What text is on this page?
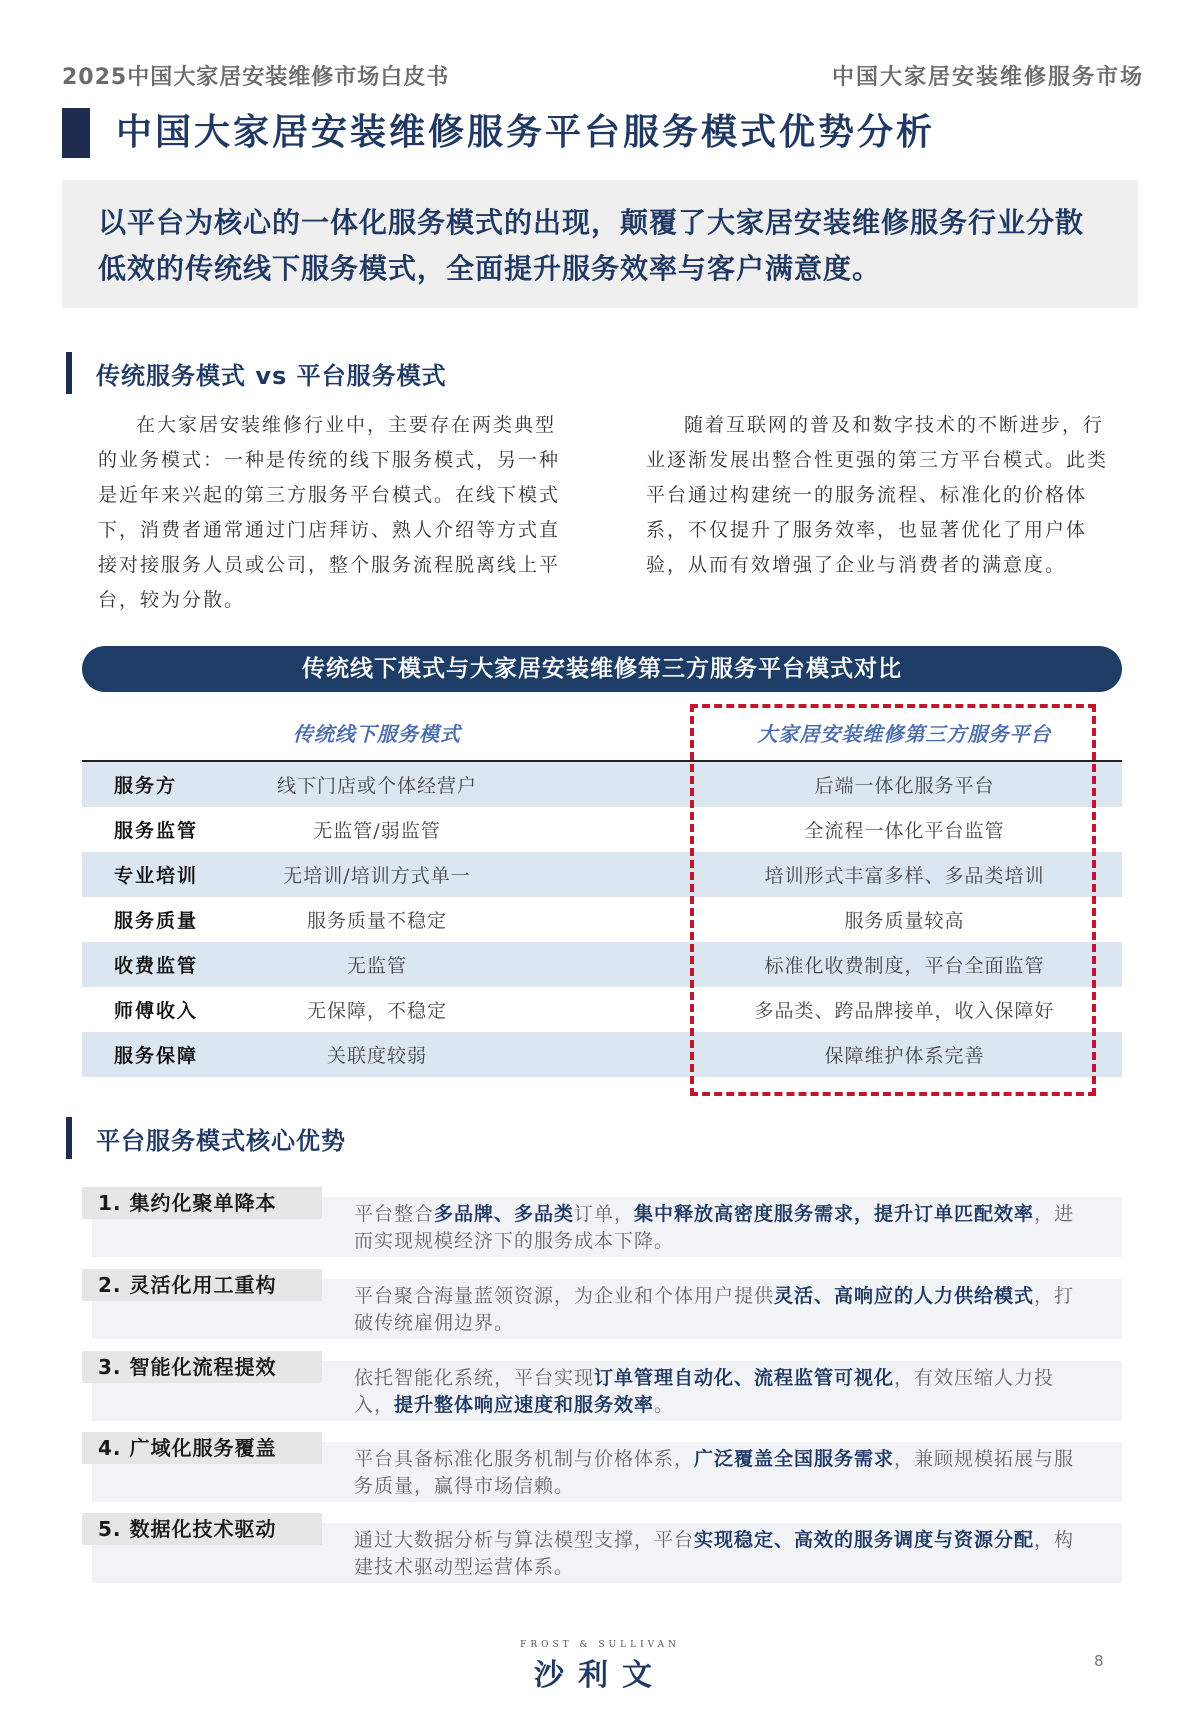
2025中国大家居安装维修市场白皮书	中国大家居安装维修服务市场
中国大家居安装维修服务平台服务模式优势分析
以平台为核心的一体化服务模式的出现，颠覆了大家居安装维修服务行业分散低效的传统线下服务模式，全面提升服务效率与客户满意度。
传统服务模式 vs 平台服务模式
在大家居安装维修行业中，主要存在两类典型的业务模式：一种是传统的线下服务模式，另一种是近年来兴起的第三方服务平台模式。在线下模式下，消费者通常通过门店拜访、熟人介绍等方式直接对接服务人员或公司，整个服务流程脱离线上平台，较为分散。
随着互联网的普及和数字技术的不断进步，行业逐渐发展出整合性更强的第三方平台模式。此类平台通过构建统一的服务流程、标准化的价格体系，不仅提升了服务效率，也显著优化了用户体验，从而有效增强了企业与消费者的满意度。
传统线下模式与大家居安装维修第三方服务平台模式对比
传统线下服务模式	大家居安装维修第三方服务平台
服务方	线下门店或个体经营户	后端一体化服务平台
服务监管	无监管/弱监管	全流程一体化平台监管
专业培训	无培训/培训方式单一	培训形式丰富多样、多品类培训
服务质量	服务质量不稳定	服务质量较高
收费监管	无监管	标准化收费制度，平台全面监管
师傅收入	无保障，不稳定	多品类、跨品牌接单，收入保障好
服务保障	关联度较弱	保障维护体系完善
平台服务模式核心优势
平台整合多品牌、多品类订单，集中释放高密度服务需求，提升订单匹配效率，进而实现规模经济下的服务成本下降。
1. 集约化聚单降本
平台聚合海量蓝领资源，为企业和个体用户提供灵活、高响应的人力供给模式，打破传统雇佣边界。
2. 灵活化用工重构
依托智能化系统，平台实现订单管理自动化、流程监管可视化，有效压缩人力投入，提升整体响应速度和服务效率。
3. 智能化流程提效
平台具备标准化服务机制与价格体系，广泛覆盖全国服务需求，兼顾规模拓展与服务质量，赢得市场信赖。
4. 广域化服务覆盖
通过大数据分析与算法模型支撑，平台实现稳定、高效的服务调度与资源分配，构建技术驱动型运营体系。
5. 数据化技术驱动
FROST & SULLIVAN
沙利文	8
